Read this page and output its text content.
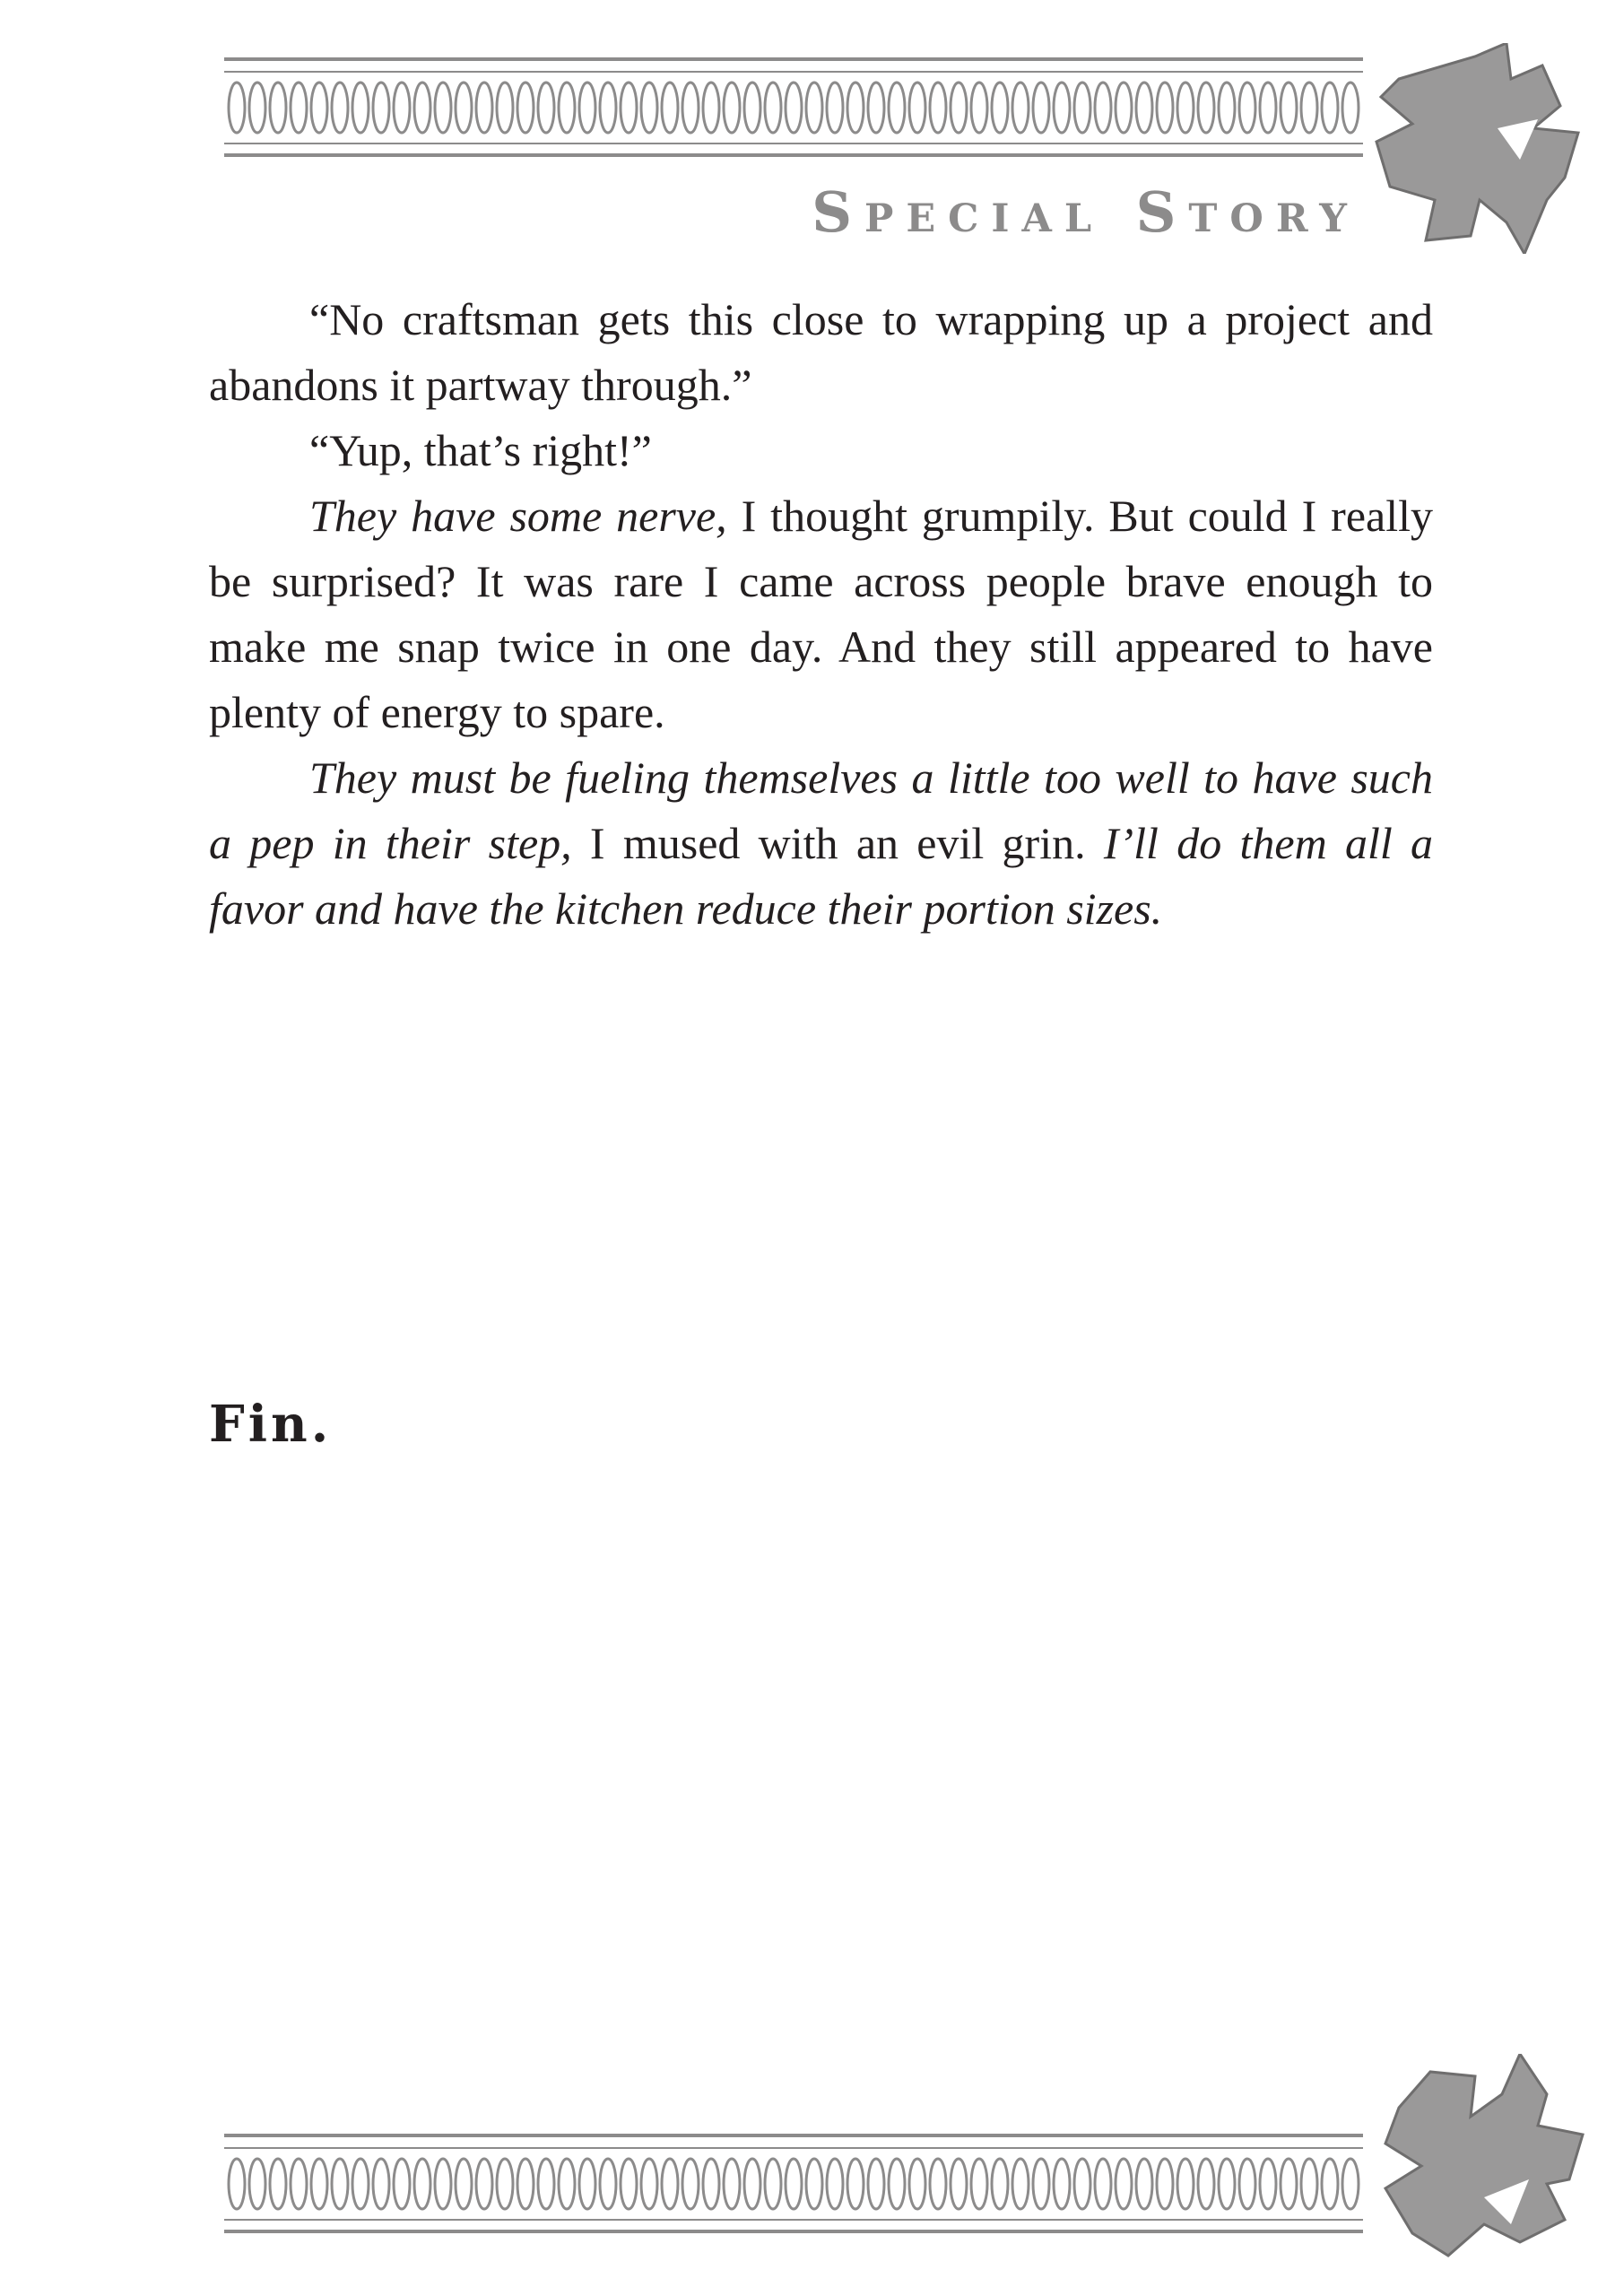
Special Story

“No craftsman gets this close to wrapping up a project and abandons it partway through.”

“Yup, that’s right!”

They have some nerve, I thought grumpily. But could I really be surprised? It was rare I came across people brave enough to make me snap twice in one day. And they still appeared to have plenty of energy to spare.

They must be fueling themselves a little too well to have such a pep in their step, I mused with an evil grin. I’ll do them all a favor and have the kitchen reduce their portion sizes.

Fin.
